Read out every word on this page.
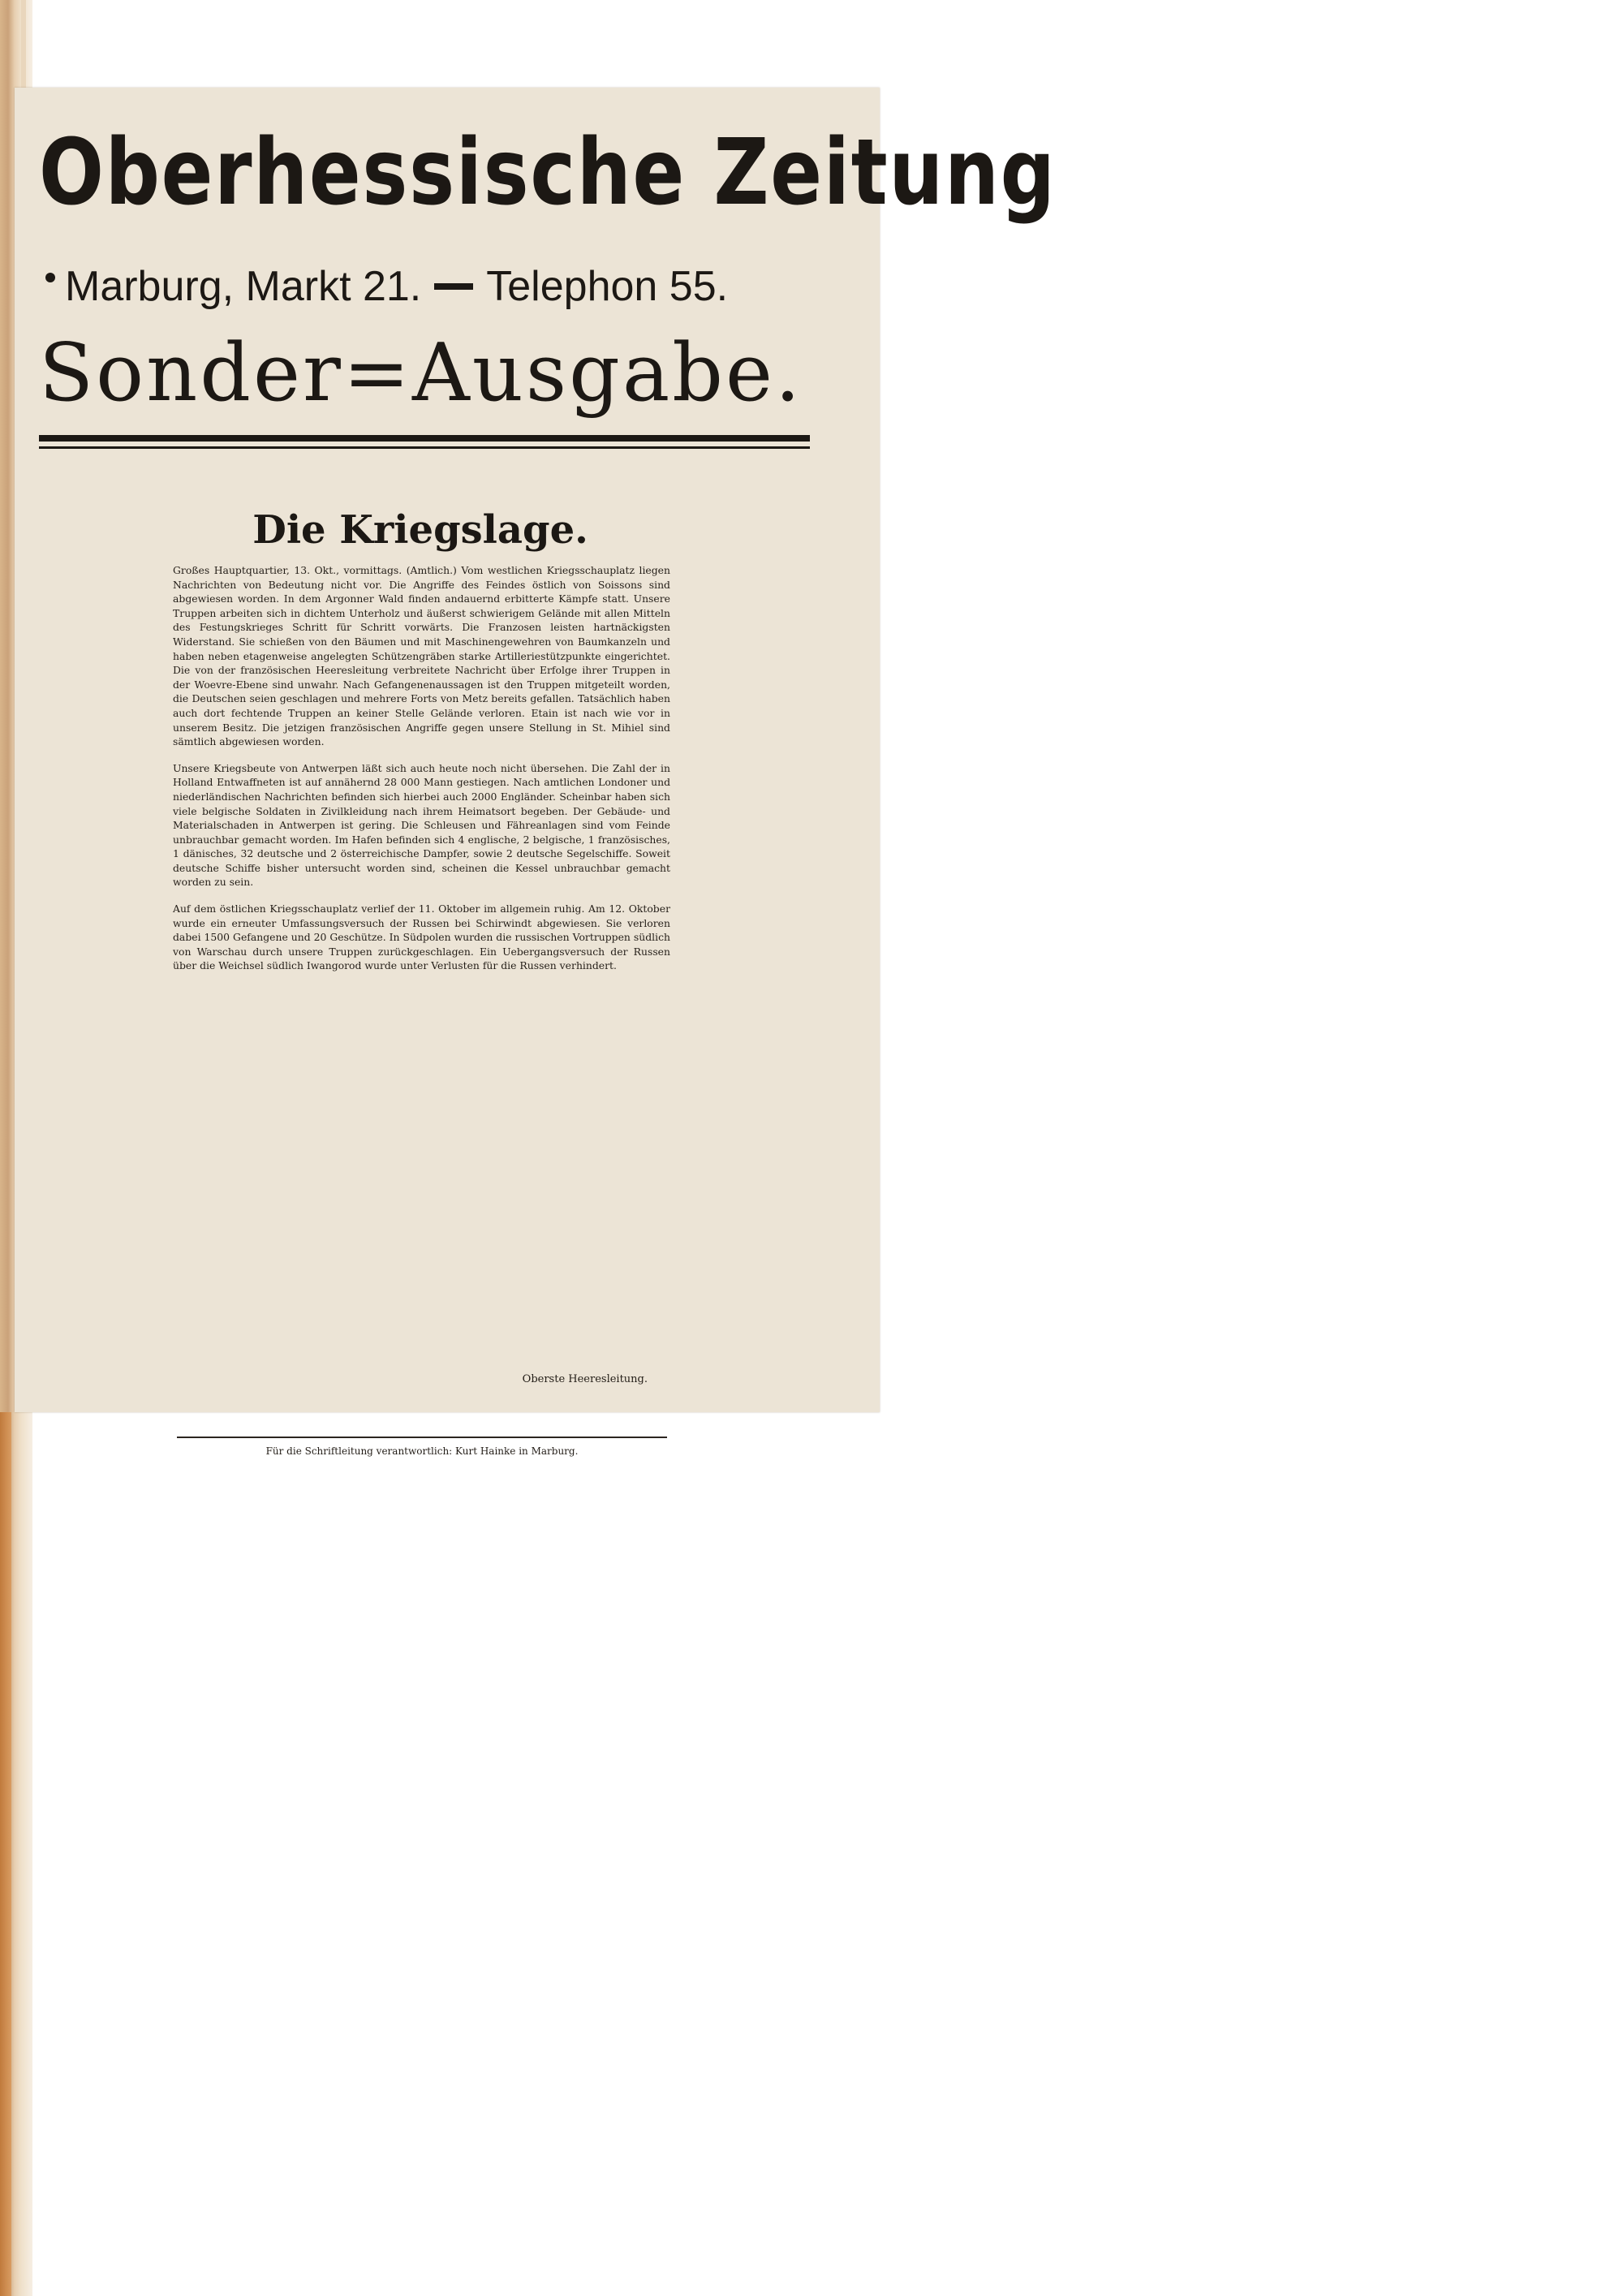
Oberhessische Zeitung
Marburg, Markt 21. Telephon 55.
Sonder=Ausgabe.
Die Kriegslage.

Großes Hauptquartier, 13. Okt., vormittags. (Amtlich.) Vom westlichen Kriegsschauplatz liegen Nachrichten von Bedeutung nicht vor. Die Angriffe des Feindes östlich von Soissons sind abgewiesen worden. In dem Argonner Wald finden andauernd erbitterte Kämpfe statt. Unsere Truppen arbeiten sich in dichtem Unterholz und äußerst schwierigem Gelände mit allen Mitteln des Festungskrieges Schritt für Schritt vorwärts. Die Franzosen leisten hartnäckigsten Widerstand. Sie schießen von den Bäumen und mit Maschinengewehren von Baumkanzeln und haben neben etagenweise angelegten Schützengräben starke Artilleriestützpunkte eingerichtet. Die von der französischen Heeresleitung verbreitete Nachricht über Erfolge ihrer Truppen in der Woevre-Ebene sind unwahr. Nach Gefangenenaussagen ist den Truppen mitgeteilt worden, die Deutschen seien geschlagen und mehrere Forts von Metz bereits gefallen. Tatsächlich haben auch dort fechtende Truppen an keiner Stelle Gelände verloren. Etain ist nach wie vor in unserem Besitz. Die jetzigen französischen Angriffe gegen unsere Stellung in St. Mihiel sind sämtlich abgewiesen worden.

Unsere Kriegsbeute von Antwerpen läßt sich auch heute noch nicht übersehen. Die Zahl der in Holland Entwaffneten ist auf annähernd 28 000 Mann gestiegen. Nach amtlichen Londoner und niederländischen Nachrichten befinden sich hierbei auch 2000 Engländer. Scheinbar haben sich viele belgische Soldaten in Zivilkleidung nach ihrem Heimatsort begeben. Der Gebäude- und Materialschaden in Antwerpen ist gering. Die Schleusen und Fähreanlagen sind vom Feinde unbrauchbar gemacht worden. Im Hafen befinden sich 4 englische, 2 belgische, 1 französisches, 1 dänisches, 32 deutsche und 2 österreichische Dampfer, sowie 2 deutsche Segelschiffe. Soweit deutsche Schiffe bisher untersucht worden sind, scheinen die Kessel unbrauchbar gemacht worden zu sein.

Auf dem östlichen Kriegsschauplatz verlief der 11. Oktober im allgemein ruhig. Am 12. Oktober wurde ein erneuter Umfassungsversuch der Russen bei Schirwindt abgewiesen. Sie verloren dabei 1500 Gefangene und 20 Geschütze. In Südpolen wurden die russischen Vortruppen südlich von Warschau durch unsere Truppen zurückgeschlagen. Ein Uebergangsversuch der Russen über die Weichsel südlich Iwangorod wurde unter Verlusten für die Russen verhindert.

Oberste Heeresleitung.
Für die Schriftleitung verantwortlich: Kurt Hainke in Marburg.
